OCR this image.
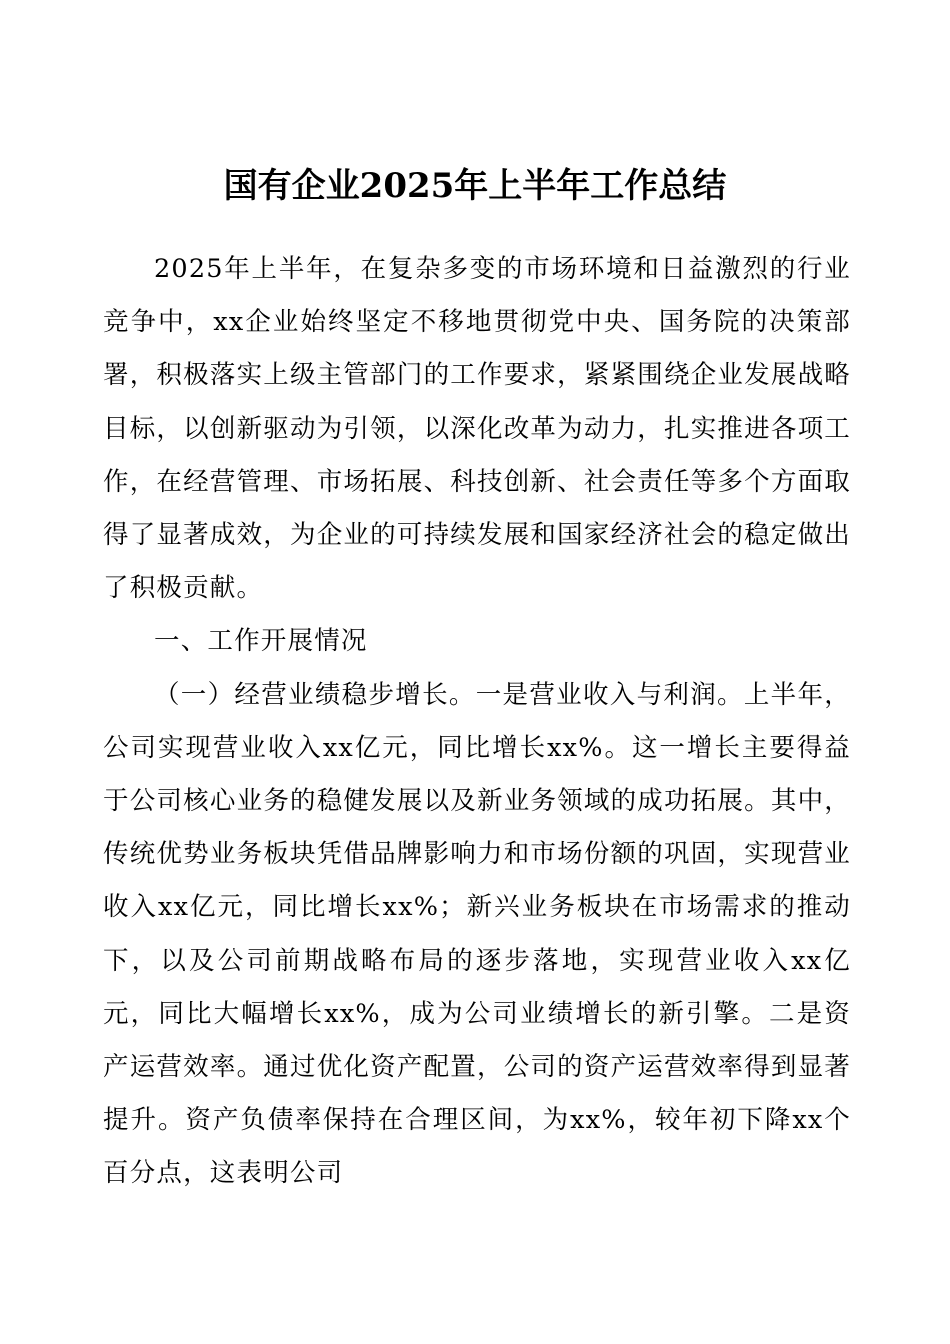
国有企业2025年上半年工作总结

2025年上半年，在复杂多变的市场环境和日益激烈的行业竞争中，xx企业始终坚定不移地贯彻党中央、国务院的决策部署，积极落实上级主管部门的工作要求，紧紧围绕企业发展战略目标，以创新驱动为引领，以深化改革为动力，扎实推进各项工作，在经营管理、市场拓展、科技创新、社会责任等多个方面取得了显著成效，为企业的可持续发展和国家经济社会的稳定做出了积极贡献。

一、工作开展情况

（一）经营业绩稳步增长。一是营业收入与利润。上半年，公司实现营业收入xx亿元，同比增长xx%。这一增长主要得益于公司核心业务的稳健发展以及新业务领域的成功拓展。其中，传统优势业务板块凭借品牌影响力和市场份额的巩固，实现营业收入xx亿元，同比增长xx%；新兴业务板块在市场需求的推动下，以及公司前期战略布局的逐步落地，实现营业收入xx亿元，同比大幅增长xx%，成为公司业绩增长的新引擎。二是资产运营效率。通过优化资产配置，公司的资产运营效率得到显著提升。资产负债率保持在合理区间，为xx%，较年初下降xx个百分点，这表明公司
